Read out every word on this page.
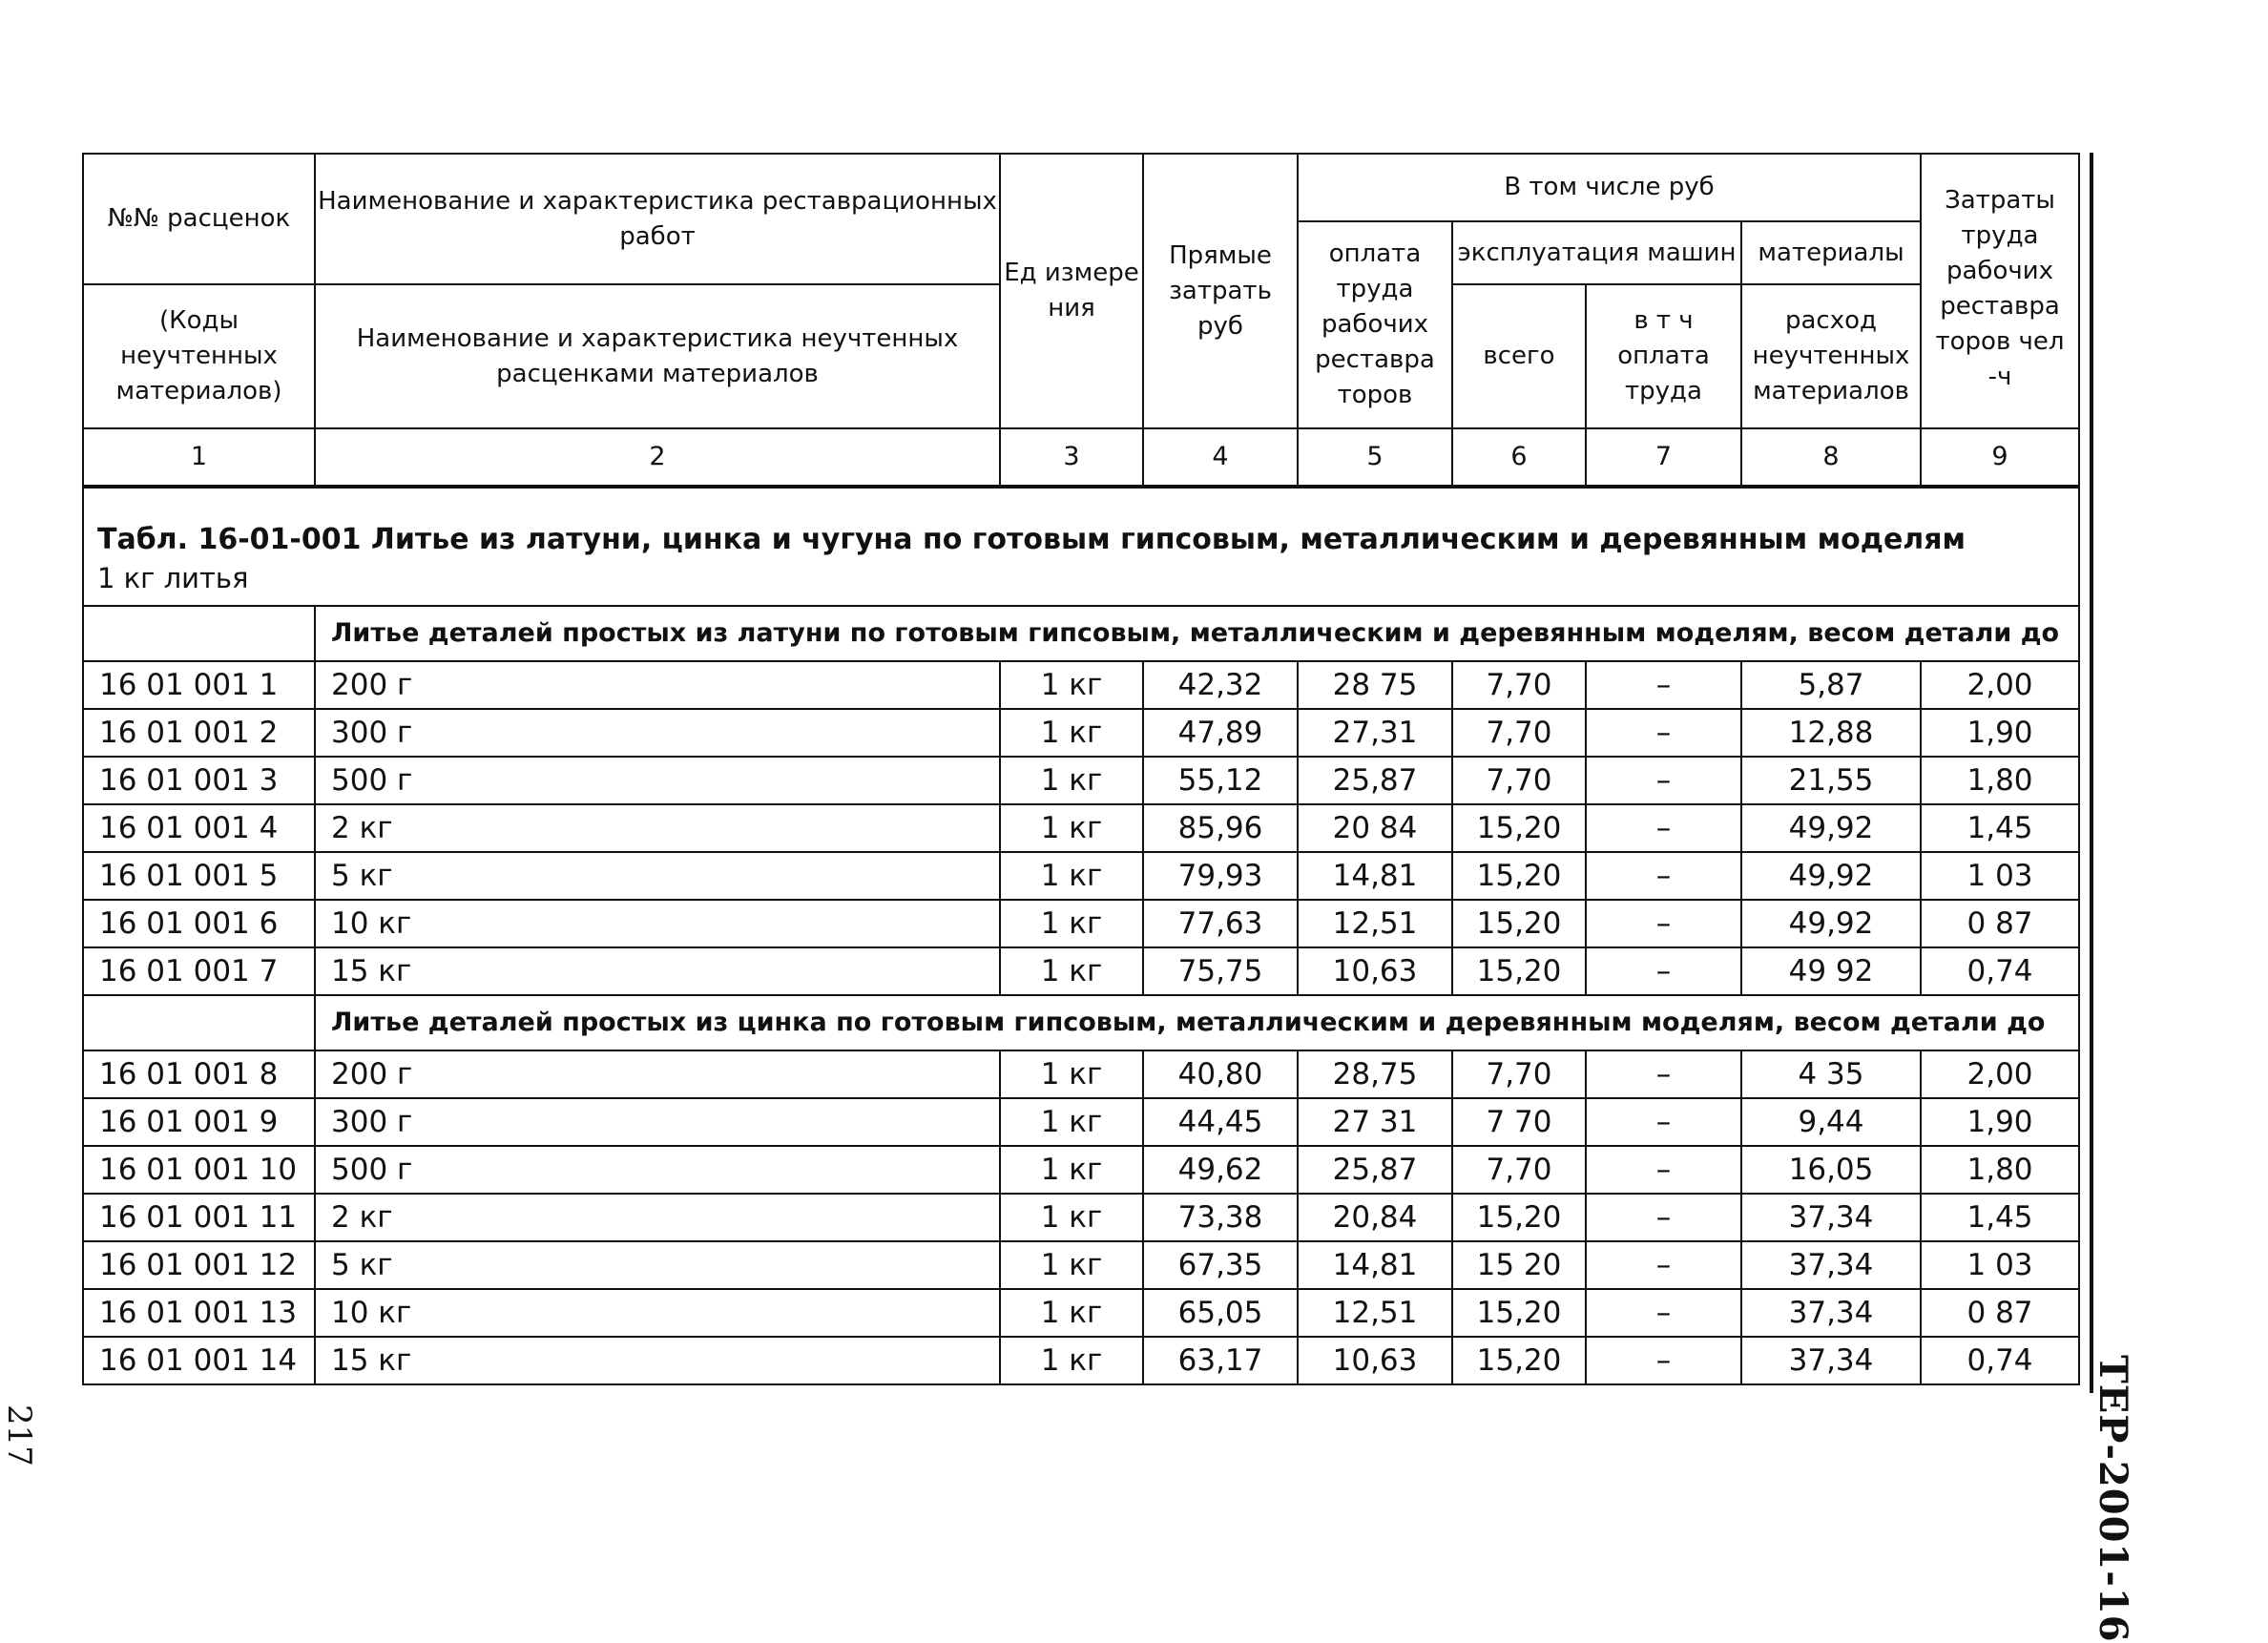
№№ расценок	Наименование и характеристика реставрационных работ	Ед измере ния	Прямые затрать руб	В том числе руб				Затраты труда рабочих реставра торов чел -ч
				оплата труда рабочих реставра торов	эксплуатация машин		материалы	
(Коды неучтенных материалов)	Наименование и характеристика неучтенных расценками материалов				всего	в т ч оплата труда	расход неучтенных материалов	
1	2	3	4	5	6	7	8	9

Табл. 16-01-001 Литье из латуни, цинка и чугуна по готовым гипсовым, металлическим и деревянным моделям
1 кг литья								

	Литье деталей простых из латуни по готовым гипсовым, металлическим и деревянным моделям, весом детали до							
16 01 001 1	200 г	1 кг	42,32	28 75	7,70	–	5,87	2,00
16 01 001 2	300 г	1 кг	47,89	27,31	7,70	–	12,88	1,90
16 01 001 3	500 г	1 кг	55,12	25,87	7,70	–	21,55	1,80
16 01 001 4	2 кг	1 кг	85,96	20 84	15,20	–	49,92	1,45
16 01 001 5	5 кг	1 кг	79,93	14,81	15,20	–	49,92	1 03
16 01 001 6	10 кг	1 кг	77,63	12,51	15,20	–	49,92	0 87
16 01 001 7	15 кг	1 кг	75,75	10,63	15,20	–	49 92	0,74
	Литье деталей простых из цинка по готовым гипсовым, металлическим и деревянным моделям, весом детали до							
16 01 001 8	200 г	1 кг	40,80	28,75	7,70	–	4 35	2,00
16 01 001 9	300 г	1 кг	44,45	27 31	7 70	–	9,44	1,90
16 01 001 10	500 г	1 кг	49,62	25,87	7,70	–	16,05	1,80
16 01 001 11	2 кг	1 кг	73,38	20,84	15,20	–	37,34	1,45
16 01 001 12	5 кг	1 кг	67,35	14,81	15 20	–	37,34	1 03
16 01 001 13	10 кг	1 кг	65,05	12,51	15,20	–	37,34	0 87
16 01 001 14	15 кг	1 кг	63,17	10,63	15,20	–	37,34	0,74 ТЕР-2001-16
217
